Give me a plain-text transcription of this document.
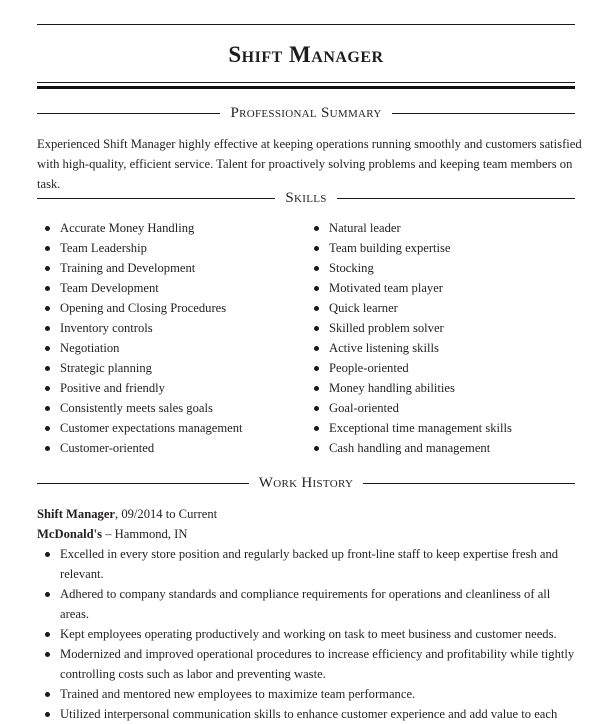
Shift Manager
Professional Summary
Experienced Shift Manager highly effective at keeping operations running smoothly and customers satisfied with high-quality, efficient service. Talent for proactively solving problems and keeping team members on task.
Skills
Accurate Money Handling
Team Leadership
Training and Development
Team Development
Opening and Closing Procedures
Inventory controls
Negotiation
Strategic planning
Positive and friendly
Consistently meets sales goals
Customer expectations management
Customer-oriented
Natural leader
Team building expertise
Stocking
Motivated team player
Quick learner
Skilled problem solver
Active listening skills
People-oriented
Money handling abilities
Goal-oriented
Exceptional time management skills
Cash handling and management
Work History
Shift Manager, 09/2014 to Current
McDonald's – Hammond, IN
Excelled in every store position and regularly backed up front-line staff to keep expertise fresh and relevant.
Adhered to company standards and compliance requirements for operations and cleanliness of all areas.
Kept employees operating productively and working on task to meet business and customer needs.
Modernized and improved operational procedures to increase efficiency and profitability while tightly controlling costs such as labor and preventing waste.
Trained and mentored new employees to maximize team performance.
Utilized interpersonal communication skills to enhance customer experience and add value to each
